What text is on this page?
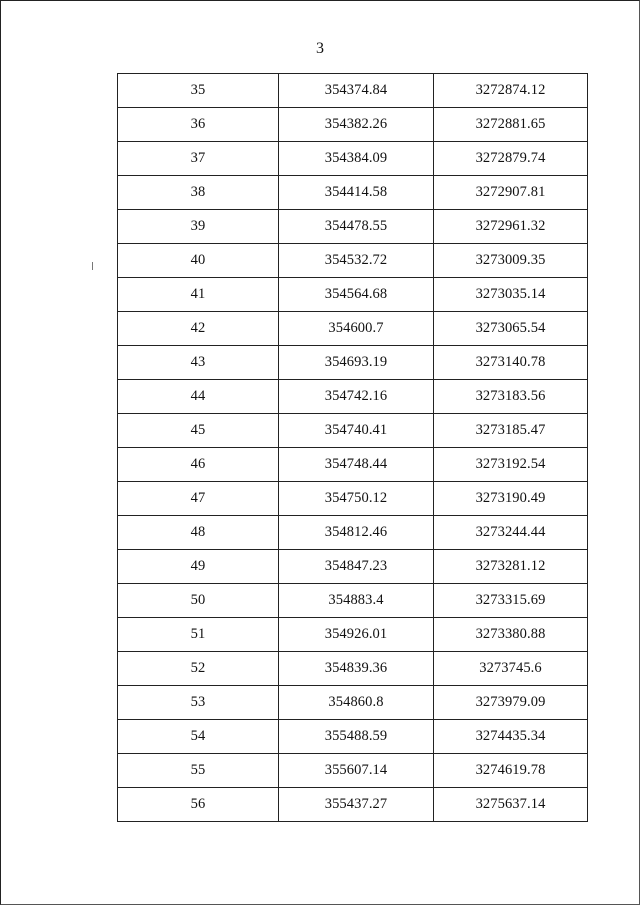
3
35	354374.84	3272874.12
36	354382.26	3272881.65
37	354384.09	3272879.74
38	354414.58	3272907.81
39	354478.55	3272961.32
40	354532.72	3273009.35
41	354564.68	3273035.14
42	354600.7	3273065.54
43	354693.19	3273140.78
44	354742.16	3273183.56
45	354740.41	3273185.47
46	354748.44	3273192.54
47	354750.12	3273190.49
48	354812.46	3273244.44
49	354847.23	3273281.12
50	354883.4	3273315.69
51	354926.01	3273380.88
52	354839.36	3273745.6
53	354860.8	3273979.09
54	355488.59	3274435.34
55	355607.14	3274619.78
56	355437.27	3275637.14
